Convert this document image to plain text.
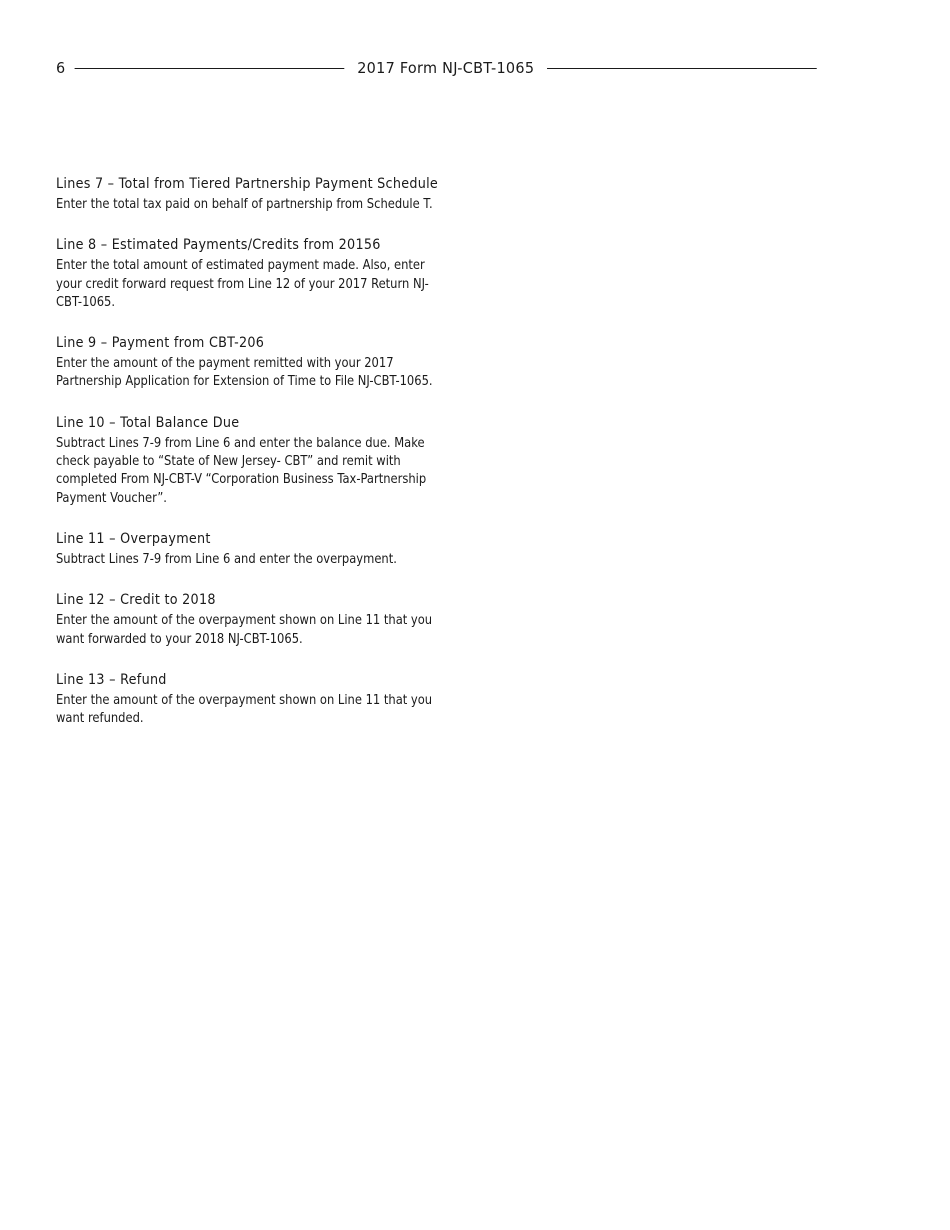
6	2017 Form NJ-CBT-1065

Lines 7 – Total from Tiered Partnership Payment Schedule

Enter the total tax paid on behalf of partnership from Schedule T.

Line 8 – Estimated Payments/Credits from 20156

Enter the total amount of estimated payment made. Also, enter your credit forward request from Line 12 of your 2017 Return NJ-CBT-1065.

Line 9 – Payment from CBT-206

Enter the amount of the payment remitted with your 2017 Partnership Application for Extension of Time to File NJ-CBT-1065.

Line 10 – Total Balance Due

Subtract Lines 7-9 from Line 6 and enter the balance due. Make check payable to “State of New Jersey- CBT” and remit with completed From NJ-CBT-V “Corporation Business Tax-Partnership Payment Voucher”.

Line 11 – Overpayment

Subtract Lines 7-9 from Line 6 and enter the overpayment.

Line 12 – Credit to 2018

Enter the amount of the overpayment shown on Line 11 that you want forwarded to your 2018 NJ-CBT-1065.

Line 13 – Refund

Enter the amount of the overpayment shown on Line 11 that you want refunded.
